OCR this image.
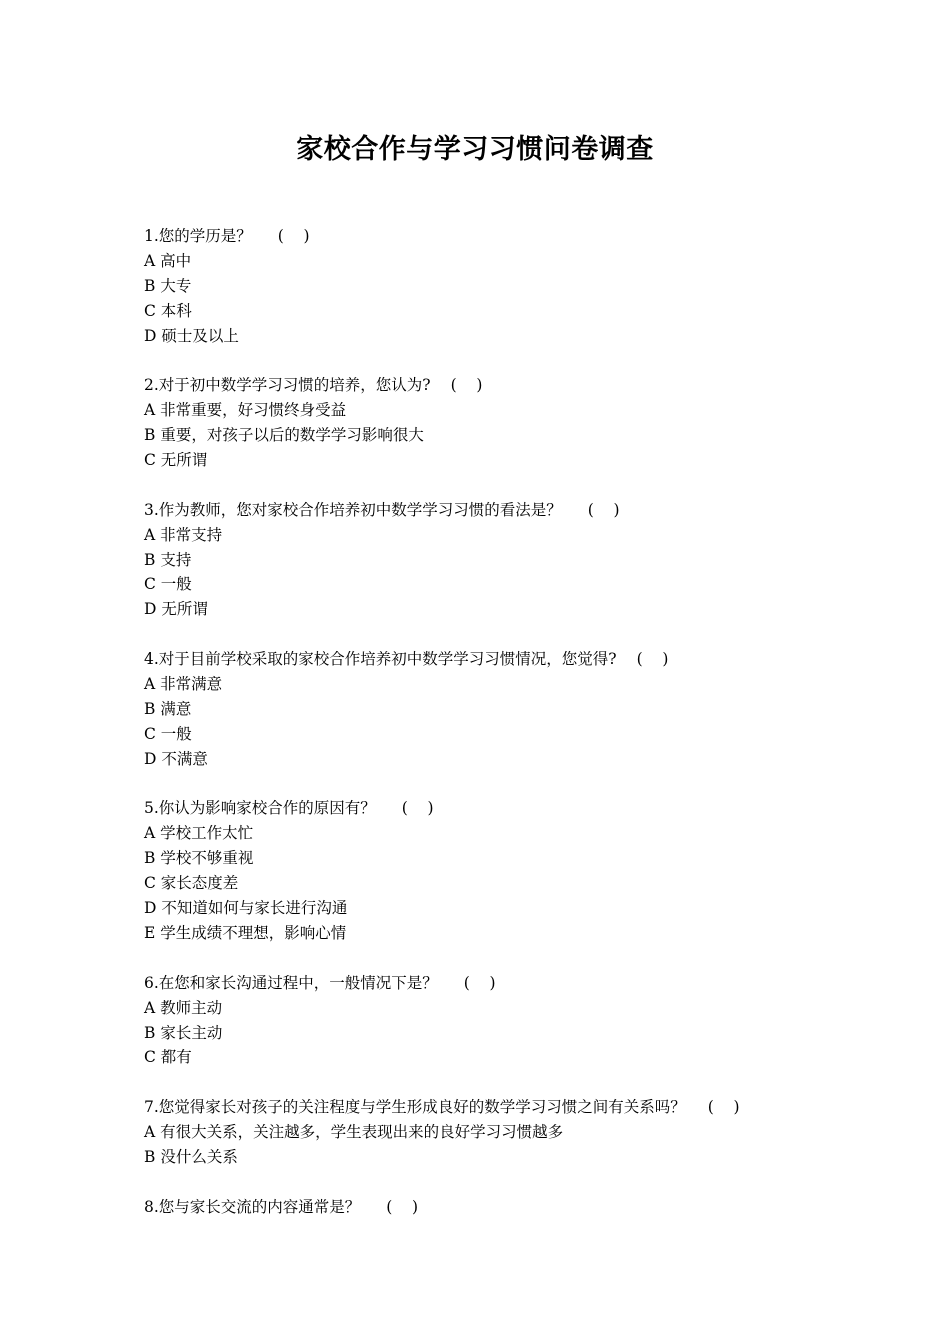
家校合作与学习习惯问卷调查
1.您的学历是？ (    )
A 高中
B 大专
C 本科
D 硕士及以上
2.对于初中数学学习习惯的培养，您认为? (    )
A 非常重要，好习惯终身受益
B 重要，对孩子以后的数学学习影响很大
C 无所谓
3.作为教师，您对家校合作培养初中数学学习习惯的看法是？ (    )
A 非常支持
B 支持
C 一般
D 无所谓
4.对于目前学校采取的家校合作培养初中数学学习习惯情况，您觉得? (    )
A 非常满意
B 满意
C 一般
D 不满意
5.你认为影响家校合作的原因有？ (    )
A 学校工作太忙
B 学校不够重视
C 家长态度差
D 不知道如何与家长进行沟通
E 学生成绩不理想，影响心情
6.在您和家长沟通过程中，一般情况下是？ (    )
A 教师主动
B 家长主动
C 都有
7.您觉得家长对孩子的关注程度与学生形成良好的数学学习习惯之间有关系吗？ (    )
A 有很大关系，关注越多，学生表现出来的良好学习习惯越多
B 没什么关系
8.您与家长交流的内容通常是？ (    )
